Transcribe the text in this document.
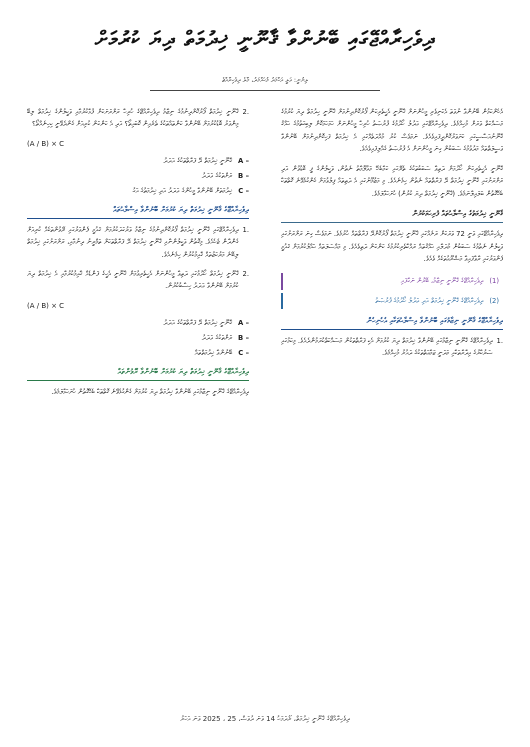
ދިވެހިރާއްޖޭގައި ބޭނުންވާ ޤާނޫނީ ޚިދުމަތް ދިޔަ ކުރުމަށް
ލިޔުނީ: ޢަލީ އަޙްމަދު މުޙައްމަދު، މާލެ ދިވެހިރާއްޖެ

އެހެންކަމުން ބޭނުންވާ ނުވަތަ އެކަނިވެރި މީހުންނަށް ޤާނޫނީ އެހީތެރިކަން ފޯރުކޮށްދިނުމަށް ޤާނޫނީ ހިދުމަތް ދިޔަ ކުރުމުގެ މަސައްކަތް ވަރަށް މުހިއްމެވެ. ދިވެހިރާއްޖޭގައި ޢަދުލު ހޯދުމުގެ ފުރުޞަތު ހުރިހާ މީހުންނަށް ހަމަހަމަކޮށް ލިބިގަތުމުގެ ޙައްޤު ޤާނޫނުއަސާސީގައި ކަށަވަރުކޮށްދީފައިވެއެވެ. ނަމަވެސް ކުރު މުއްދަތެއްގައި އެ ޚިދުމަތް ފަހިކޮށްދިނުމަށް ބޭނުންވާ ވަސީލަތްތައް މަދުވުމުގެ ސަބަބުން ގިނަ މީހުންނަށް އެ ފުރުޞަތު ގެއްލިފައިވެއެވެ.

ޤާނޫނީ އެހީތެރިކަން ހޯދުމަށް ދަތިވާ ސަބަބުތަކުގެ ތެރޭގައި ކަމާބެހޭ މަޢުލޫމާތު ނެތުން، ވަކީލުންގެ ފީ ބޮޑުވުން އަދި ރަށްރަށުގައި ޤާނޫނީ ޚިދުމަތް ދޭ ފަރާތްތައް ނެތުން ހިމެނެއެވެ. މި މަޒުމޫނުގައި އެ ދަތިތައް ފިލުވުމަށް ގެންގުޅެވޭނެ ގޮތްތަކާ ބެހޭގޮތުން ބަލައިލާނަމެވެ. (ޤާނޫނީ ޚިދުމަތް ދިޔަ ކުރުން) ހުށަހަޅާލަމެވެ.

ޤާނޫނީ ޚިދުމަތުގެ އިސްލާޙުތައް ފުރިހަމަކުރުން

ދިވެހިރާއްޖޭގައި ވަނީ 72 ވަރަކަށް ރަށެއްގައި ޤާނޫނީ ޚިދުމަތް ފޯރުކޮށްދޭ ފަރާތްތައް ހުރުމެވެ. ނަމަވެސް ގިނަ ރަށްރަށުގައި ވަކީލުން ނެތުމުގެ ސަބަބުން މުދަލާއި ޙައްޤުތައް ރައްކާތެރިކުރުމުގެ ކަންކަން ދަތިވެއެވެ. މި މައްސަލަތައް ޙައްލުކުރުމަށް ޤައުމީ ފެންވަރުގައި ރާވާފައިވާ މަޝްރޫޢުތަކެއް ވެއެވެ.

(1) ދިވެހިރާއްޖޭގެ ޤާނޫނީ ނިޒާމު، ބޭރުން ނަގާފައި
(2) ދިވެހިރާއްޖޭގެ ޤާނޫނީ ޚިދުމަތް އަދި ޢަދުލު ހޯދުމުގެ ފުރުޞަތު
ދިވެހިރާއްޖޭގެ ޤާނޫނީ ނިޒާމުގައި ބޭނުންވާ އިސްލާޙުތަކާއި އެހެނިހެން
1.
ދިވެހިރާއްޖޭގެ ޤާނޫނީ ނިޒާމުގައި ބޭނުންވާ ޚިދުމަތް ދިޔަ ކުރުމަށް އެކި ފަރާތްތަކުން މަސައްކަތްކުރަމުންދެއެވެ. މިކަމުގައި ސަރުކާރުގެ އިދާރާތަކާއި މަދަނީ ޖަމާޢަތްތަކުގެ ދައުރު މުހިއްމެވެ.
2.
ޤާނޫނީ ޚިދުމަތް ފޯރުކޮށްދިނުމުގެ ނިޒާމު ދިވެހިރާއްޖޭގެ ހުރިހާ ރަށްރަށަކަށް ފުޅާކުރުމާއި ވަކީލުންގެ ޚިދުމަތް ލިބޭ މިންވަރު ބޮޑުކުރުމަށް ބޭނުންވާ ކަންތައްތަކުގެ ތެރެއިން ކޮބައިތޯ؟ އަދި އެ ކަންކަން ކުރިއަށް ގެންދެވޭނީ ކިހިނެއްތޯ؟
(A / B) × C
A –
ޤާނޫނީ ޚިދުމަތް ދޭ ފަރާތްތަކުގެ އަދަދު
B –
ރަށްތަކުގެ ޢަދަދު
C –
ޚިދުމަތަށް ބޭނުންވާ މީހުންގެ ޢަދަދު އަދި ޚިދުމަތުގެ އަގު
ދިވެހިރާއްޖޭގެ ޤާނޫނީ ޚިދުމަތް ދިޔަ ކުރުމަށް ބޭނުންވާ އިސްލާޙުތައް
1.
ދިވެހިރާއްޖޭގައި ޤާނޫނީ ޚިދުމަތް ފޯރުކޮށްދިނުމުގެ ނިޒާމު ވަރުގަދަކުރުމަށް ޤައުމީ ފެންވަރުގައި ރޭވުންތަކެއް ކުރިއަށް ގެންދާން ޖެހެއެވެ. މިގޮތުން ވަކީލުންނާއި ޤާނޫނީ ޚިދުމަތް ދޭ ފަރާތްތަކަށް ތަމްރީނު ދިނުމާއި، ރަށްރަށުގައި ޚިދުމަތް ލިބޭނެ މަރުކަޒުތައް ޤާއިމުކުރުން ހިމެނެއެވެ.
2.
ޤާނޫނީ ޚިދުމަތް ހޯދުމުގައި ދަތިވާ މީހުންނަށް އެހީތެރިވުމަށް ޤާނޫނީ އެހީގެ ފަންޑެއް ޤާއިމުކުރުމާއި އެ ޚިދުމަތް ދިޔަ ކުރުމަށް ބޭނުންވާ ޢަދަދު ހިސާބުކުރުން.
(A / B) × C
A –
ޤާނޫނީ ޚިދުމަތް ދޭ ފަރާތްތަކުގެ އަދަދު
B –
ރަށްތަކުގެ ޢަދަދު
C –
ބޭނުންވާ ޚިދުމަތްތައް
ދިވެހިރާއްޖޭގެ ޤާނޫނީ ޚިދުމަތް ދިޔަ ކުރުމަށް ބޭނުންވާ ރޭވުންތައް

ދިވެހިރާއްޖޭގެ ޤާނޫނީ ނިޒާމުގައި ބޭނުންވާ ޚިދުމަތް ދިޔަ ކުރުމަށް ގެންގުޅެވޭނެ ގޮތްތަކާ ބެހޭގޮތުން ހުށަހަޅާލަމެވެ.

ދިވެހިރާއްޖޭގެ ޤާނޫނީ ޚިދުމަތް، ރޯދަމަހު 14 ވަނަ ދުވަސް، 25 ، 2025 ވަނަ އަހަރު
